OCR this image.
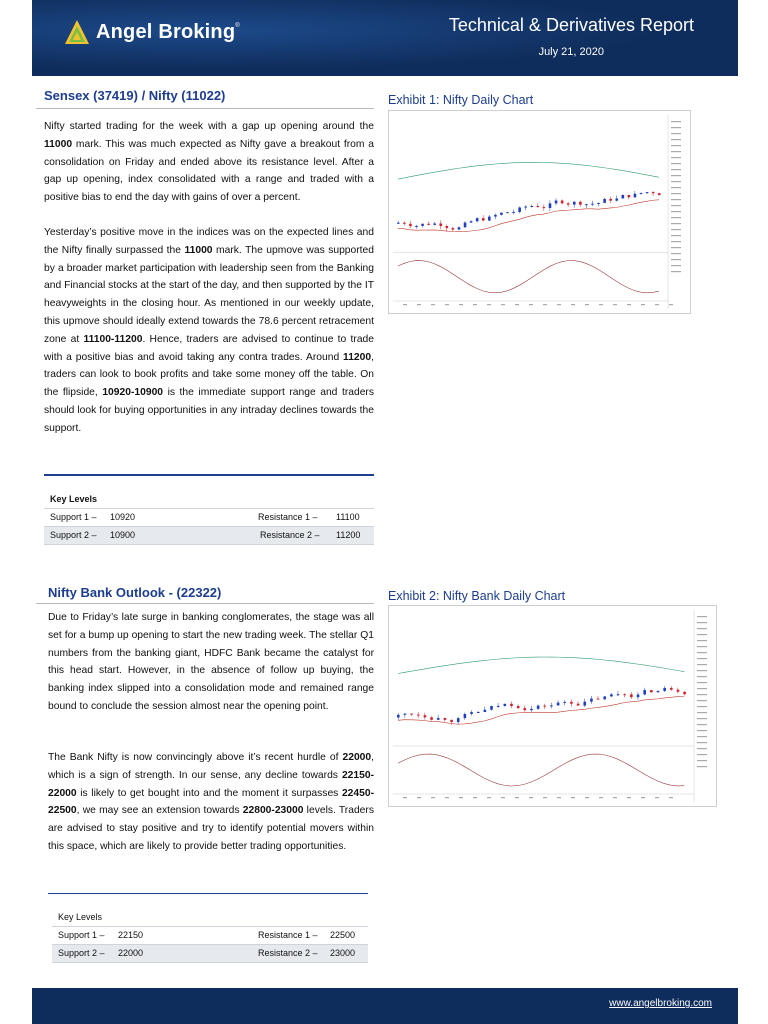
Angel Broking ®	Technical & Derivatives Report
July 21, 2020
Sensex (37419) / Nifty (11022)
Nifty started trading for the week with a gap up opening around the 11000 mark. This was much expected as Nifty gave a breakout from a consolidation on Friday and ended above its resistance level. After a gap up opening, index consolidated with a range and traded with a positive bias to end the day with gains of over a percent.
Yesterday’s positive move in the indices was on the expected lines and the Nifty finally surpassed the 11000 mark. The upmove was supported by a broader market participation with leadership seen from the Banking and Financial stocks at the start of the day, and then supported by the IT heavyweights in the closing hour. As mentioned in our weekly update, this upmove should ideally extend towards the 78.6 percent retracement zone at 11100-11200. Hence, traders are advised to continue to trade with a positive bias and avoid taking any contra trades. Around 11200, traders can look to book profits and take some money off the table. On the flipside, 10920-10900 is the immediate support range and traders should look for buying opportunities in any intraday declines towards the support.
Exhibit 1: Nifty Daily Chart
Key Levels
Support 1 – 10920	Resistance 1 – 11100
Support 2 – 10900	Resistance 2 – 11200
Nifty Bank Outlook - (22322)
Due to Friday’s late surge in banking conglomerates, the stage was all set for a bump up opening to start the new trading week. The stellar Q1 numbers from the banking giant, HDFC Bank became the catalyst for this head start. However, in the absence of follow up buying, the banking index slipped into a consolidation mode and remained range bound to conclude the session almost near the opening point.
The Bank Nifty is now convincingly above it’s recent hurdle of 22000, which is a sign of strength. In our sense, any decline towards 22150-22000 is likely to get bought into and the moment it surpasses 22450-22500, we may see an extension towards 22800-23000 levels. Traders are advised to stay positive and try to identify potential movers within this space, which are likely to provide better trading opportunities.
Exhibit 2: Nifty Bank Daily Chart
Key Levels
Support 1 – 22150	Resistance 1 – 22500
Support 2 – 22000	Resistance 2 – 23000
www.angelbroking.com
